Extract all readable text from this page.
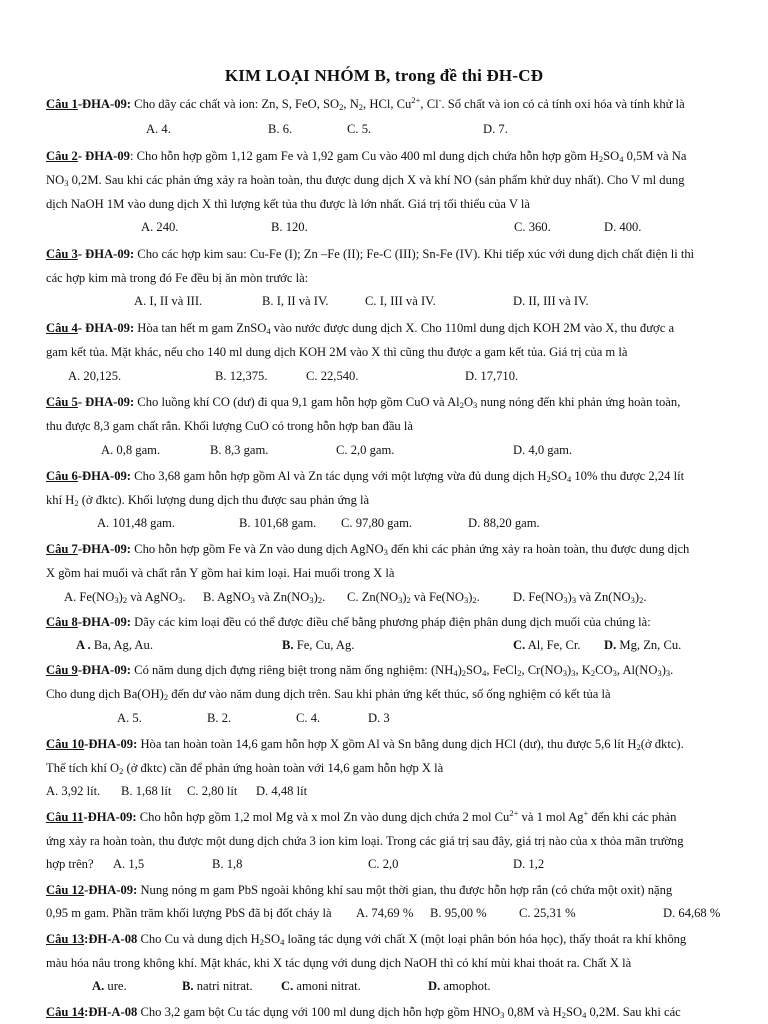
KIM LOẠI NHÓM B, trong đề thi ĐH-CĐ
Câu 1-ĐHA-09: Cho dãy các chất và ion: Zn, S, FeO, $SO_2$, $N_2$, HCl, $Cu^{2+}$, Cl-. Số chất và ion có cả tính oxi hóa và tính khử là
A. 4.	B. 6.	C. 5.	D. 7.
Câu 2- ĐHA-09: Cho hỗn hợp gồm 1,12 gam Fe và 1,92 gam Cu vào 400 ml dung dịch chứa hỗn hợp gồm $H_2SO_4$ 0,5M và Na
$NO_3$ 0,2M. Sau khi các phản ứng xảy ra hoàn toàn, thu được dung dịch X và khí NO (sản phẩm khử duy nhất). Cho V ml dung
dịch NaOH 1M vào dung dịch X thì lượng kết tủa thu được là lớn nhất. Giá trị tối thiểu của V là
A. 240.	B. 120.	C. 360.	D. 400.
Câu 3- ĐHA-09: Cho các hợp kim sau: Cu-Fe (I); Zn –Fe (II); Fe-C (III); Sn-Fe (IV). Khi tiếp xúc với dung dịch chất điện li thì
các hợp kim mà trong đó Fe đều bị ăn mòn trước là:
A. I, II và III.	B. I, II và IV.	C. I, III và IV.	D. II, III và IV.
Câu 4- ĐHA-09: Hòa tan hết m gam ZnSO$_4$ vào nước được dung dịch X. Cho 110ml dung dịch KOH 2M vào X, thu được a
gam kết tủa. Mặt khác, nếu cho 140 ml dung dịch KOH 2M vào X thì cũng thu được a gam kết tủa. Giá trị của m là
A. 20,125.	B. 12,375.	C. 22,540.	D. 17,710.
Câu 5- ĐHA-09: Cho luồng khí CO (dư) đi qua 9,1 gam hỗn hợp gồm CuO và $Al_2O_3$ nung nóng đến khi phản ứng hoàn toàn,
thu được 8,3 gam chất rắn. Khối lượng CuO có trong hỗn hợp ban đầu là
A. 0,8 gam.	B. 8,3 gam.	C. 2,0 gam.	D. 4,0 gam.
Câu 6-ĐHA-09: Cho 3,68 gam hỗn hợp gồm Al và Zn tác dụng với một lượng vừa đủ dung dịch $H_2SO_4$ 10% thu được 2,24 lít
khí $H_2$ (ở đktc). Khối lượng dung dịch thu được sau phản ứng là
A. 101,48 gam.	B. 101,68 gam. C. 97,80 gam.	D. 88,20 gam.
Câu 7-ĐHA-09: Cho hỗn hợp gồm Fe và Zn vào dung dịch AgNO$_3$ đến khi các phản ứng xảy ra hoàn toàn, thu được dung dịch
X gồm hai muối và chất rắn Y gồm hai kim loại. Hai muối trong X là
A. $Fe(NO_3)_2$ và AgNO$_3$. B. AgNO$_3$ và $Zn(NO_3)_2$. C. $Zn(NO_3)_2$ và $Fe(NO_3)_2$.	D. $Fe(NO_3)_3$ và $Zn(NO_3)_2$.
Câu 8-ĐHA-09: Dãy các kim loại đều có thể được điều chế bằng phương pháp điện phân dung dịch muối của chúng là:
A . Ba, Ag, Au.	B. Fe, Cu, Ag.	C. Al, Fe, Cr. D. Mg, Zn, Cu.
Câu 9-ĐHA-09: Có năm dung dịch đựng riêng biệt trong năm ống nghiệm: $(NH_4)_2SO_4$, FeCl$_2$, $Cr(NO_3)_3$, $K_2CO_3$, $Al(NO_3)_3$.
Cho dung dịch $Ba(OH)_2$ đến dư vào năm dung dịch trên. Sau khi phản ứng kết thúc, số ống nghiệm có kết tủa là
A. 5.	B. 2.	C. 4.	D. 3
Câu 10-ĐHA-09: Hòa tan hoàn toàn 14,6 gam hỗn hợp X gồm Al và Sn bằng dung dịch HCl (dư), thu được 5,6 lít $H_2(ở$ đktc).
Thể tích khí $O_2$ (ở đktc) cần để phản ứng hoàn toàn với 14,6 gam hỗn hợp X là
A. 3,92 lít. B. 1,68 lít C. 2,80 lít D. 4,48 lít
Câu 11-ĐHA-09: Cho hỗn hợp gồm 1,2 mol Mg và x mol Zn vào dung dịch chứa 2 mol $Cu^{2+}$ và 1 mol Ag+ đến khi các phản
ứng xảy ra hoàn toàn, thu được một dung dịch chứa 3 ion kim loại. Trong các giá trị sau đây, giá trị nào của x thỏa mãn trường
hợp trên? A. 1,5	B. 1,8	C. 2,0	D. 1,2
Câu 12-ĐHA-09: Nung nóng m gam PbS ngoài không khí sau một thời gian, thu được hỗn hợp rắn (có chứa một oxit) nặng
0,95 m gam. Phần trăm khối lượng PbS đã bị đốt cháy là A. 74,69 % B. 95,00 %	C. 25,31 %	D. 64,68 %
Câu 13:ĐH-A-08 Cho Cu và dung dịch $H_2SO_4$ loãng tác dụng với chất X (một loại phân bón hóa học), thấy thoát ra khí không
màu hóa nâu trong không khí. Mặt khác, khi X tác dụng với dung dịch NaOH thì có khí mùi khai thoát ra. Chất X là
A. ure.	B. natri nitrat. C. amoni nitrat.	D. amophot.
Câu 14:ĐH-A-08 Cho 3,2 gam bột Cu tác dụng với 100 ml dung dịch hỗn hợp gồm $HNO_3$ 0,8M và $H_2SO_4$ 0,2M. Sau khi các
